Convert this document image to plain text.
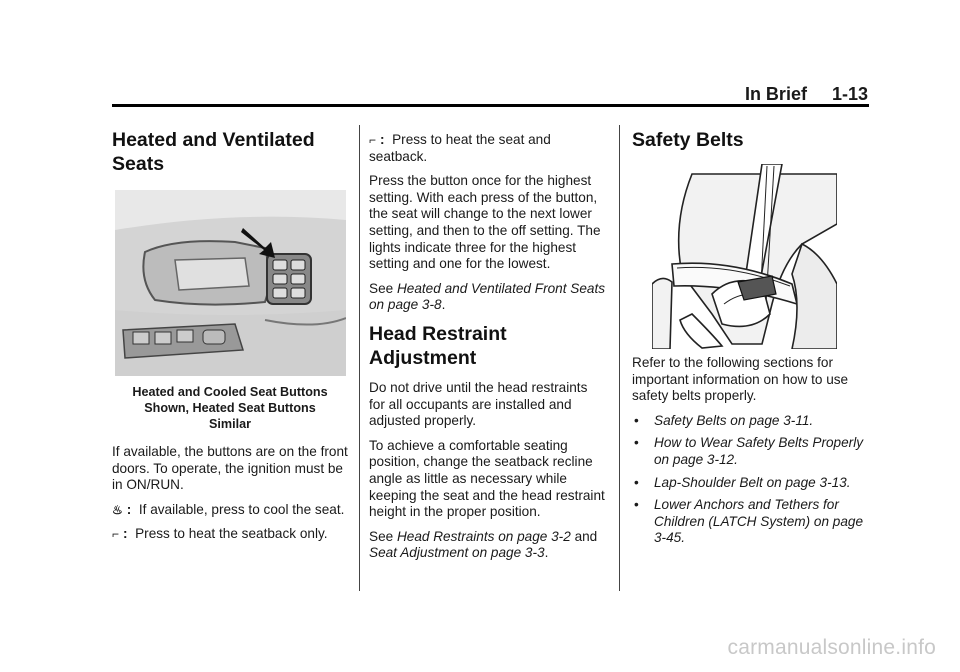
In Brief 1-13
Heated and Ventilated Seats
Heated and Cooled Seat Buttons
Shown, Heated Seat Buttons
Similar

If available, the buttons are on the front doors. To operate, the ignition must be in ON/RUN.

♨ : If available, press to cool the seat.

⌐ : Press to heat the seatback only.

⌐ : Press to heat the seat and seatback.

Press the button once for the highest setting. With each press of the button, the seat will change to the next lower setting, and then to the off setting. The lights indicate three for the highest setting and one for the lowest.

See Heated and Ventilated Front Seats on page 3-8.

Head Restraint Adjustment

Do not drive until the head restraints for all occupants are installed and adjusted properly.

To achieve a comfortable seating position, change the seatback recline angle as little as necessary while keeping the seat and the head restraint height in the proper position.

See Head Restraints on page 3-2 and Seat Adjustment on page 3-3.

Safety Belts

Refer to the following sections for important information on how to use safety belts properly.

• Safety Belts on page 3-11.
• How to Wear Safety Belts Properly on page 3-12.
• Lap-Shoulder Belt on page 3-13.
• Lower Anchors and Tethers for Children (LATCH System) on page 3-45.
carmanualsonline.info
